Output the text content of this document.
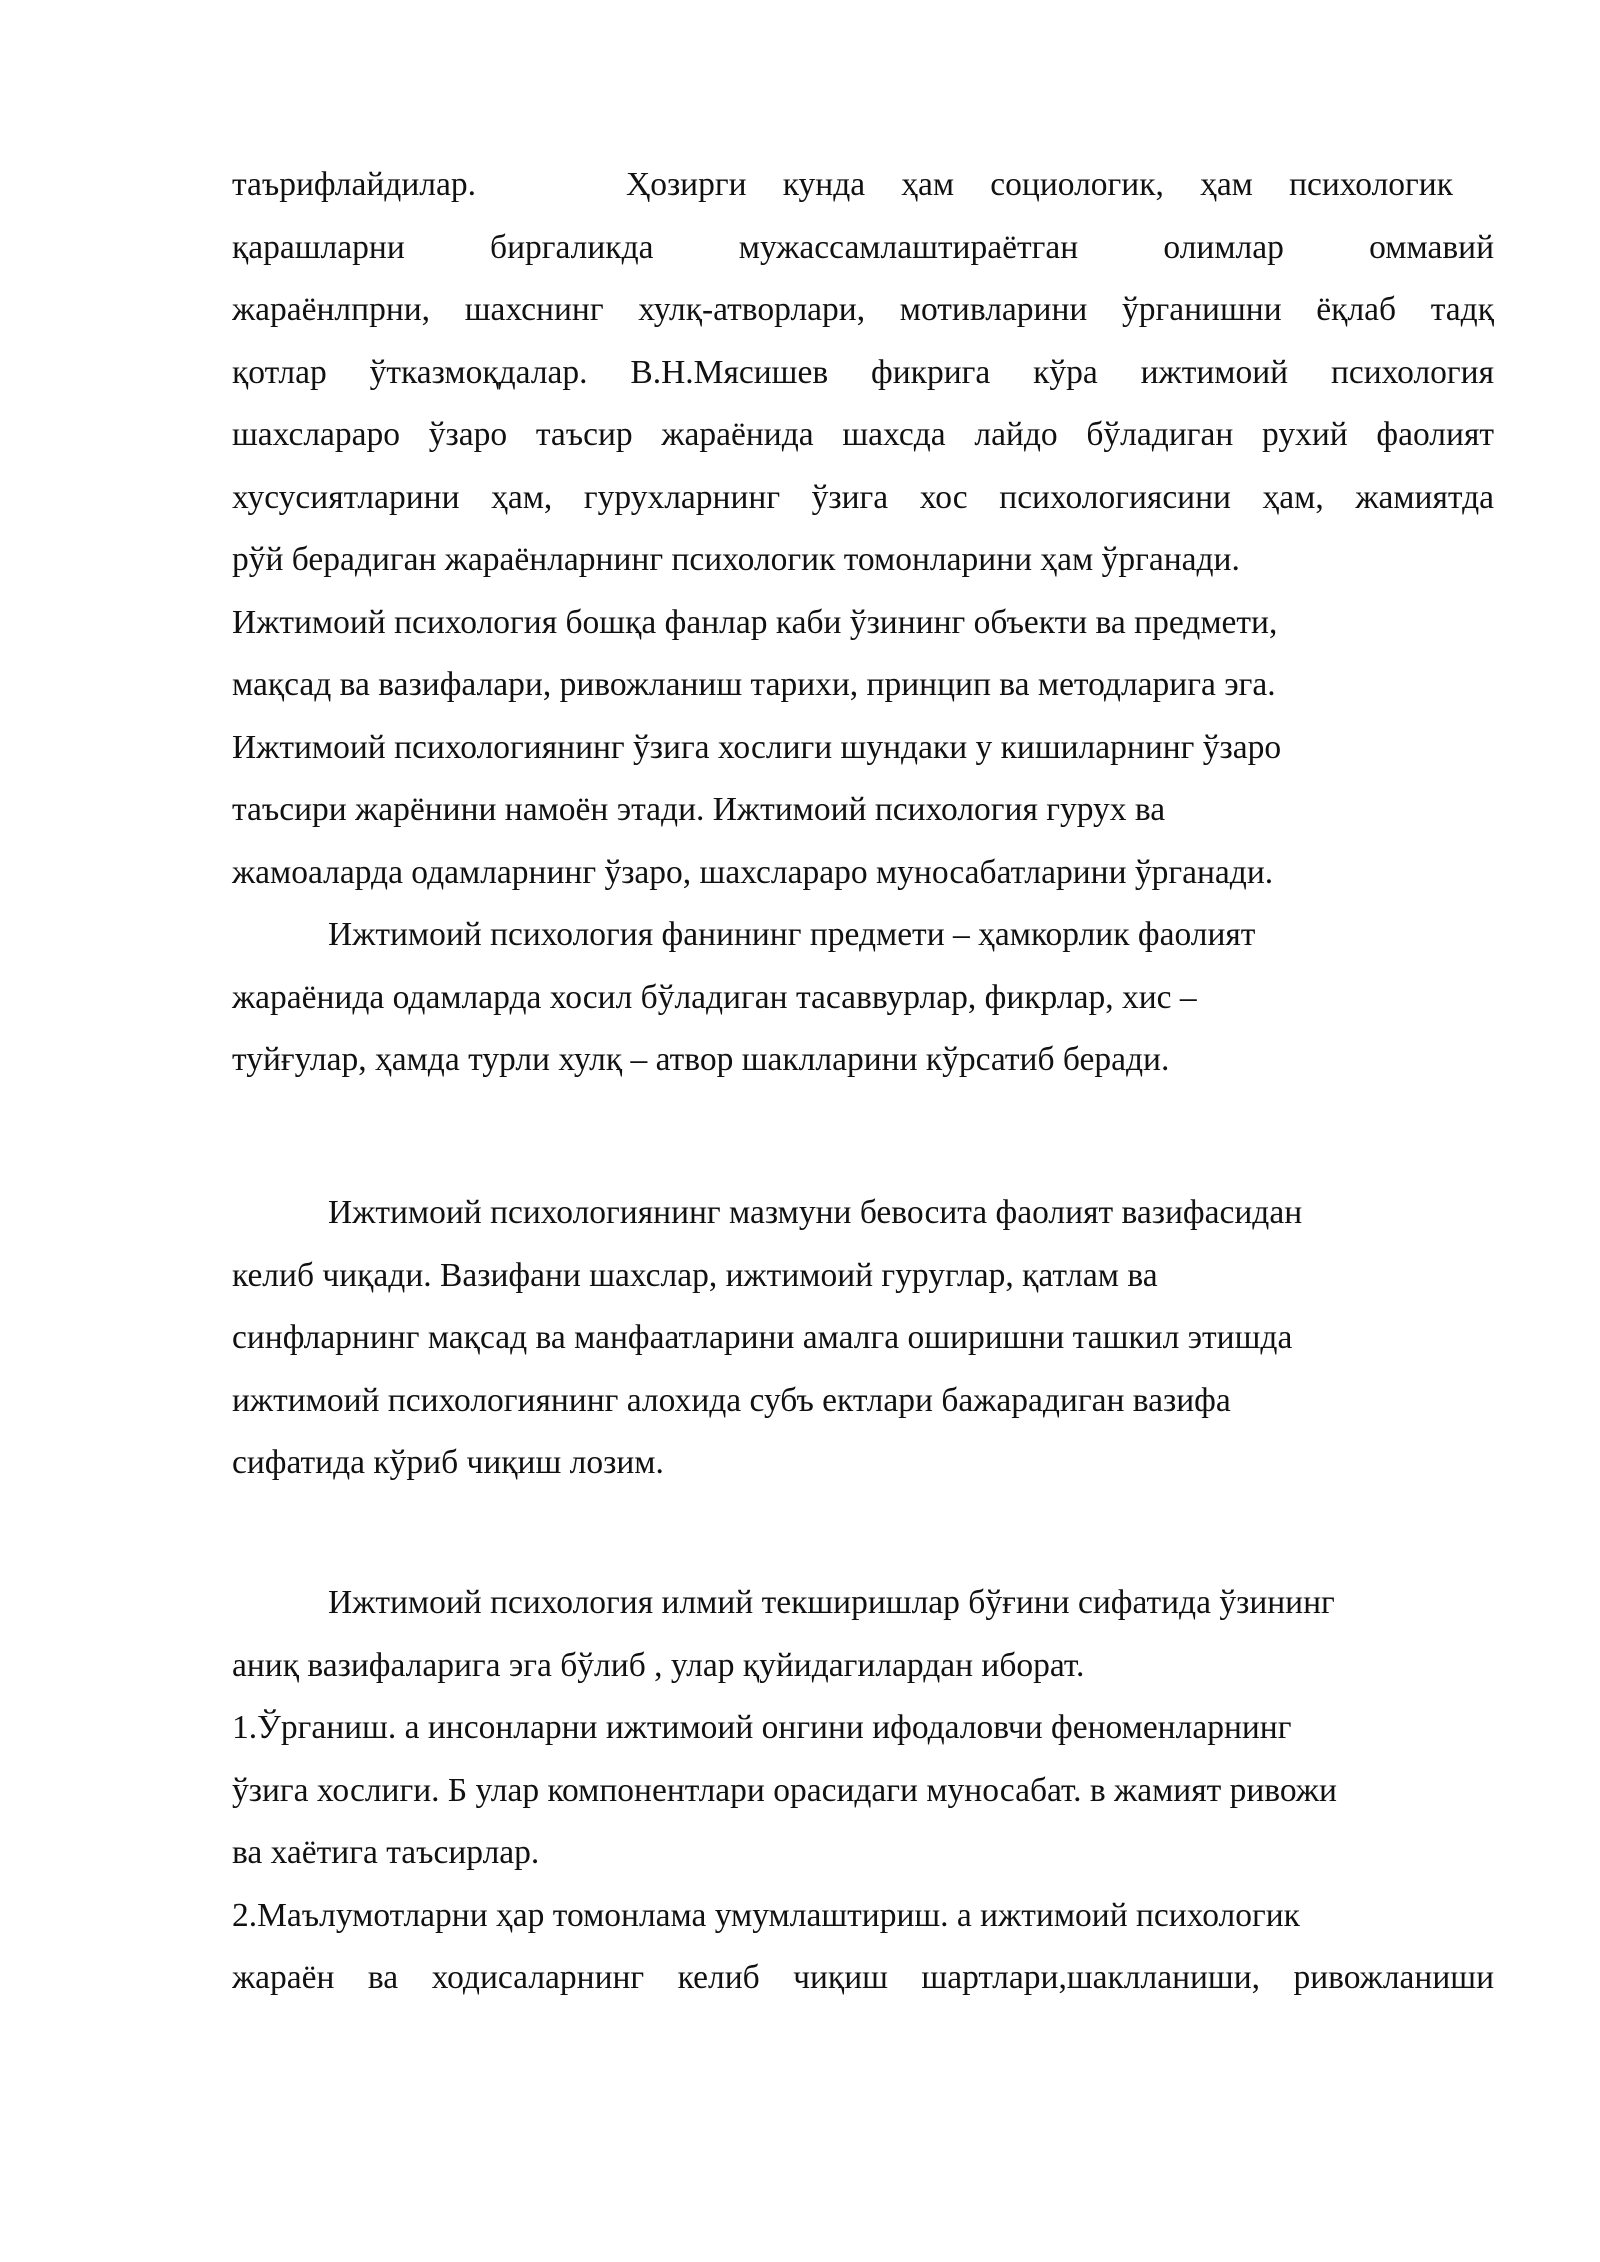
таърифлайдилар.	Ҳозирги кунда ҳам социологик, ҳам психологик
қарашларни биргаликда мужассамлаштираётган олимлар оммавий
жараёнлпрни, шахснинг хулқ-атворлари, мотивларини ўрганишни ёқлаб тадқ
қотлар ўтказмоқдалар. В.Н.Мясишев фикрига кўра ижтимоий психология
шахслараро ўзаро таъсир жараёнида шахсда лайдо бўладиган рухий фаолият
хусусиятларини ҳам, гурухларнинг ўзига хос психологиясини ҳам, жамиятда
рўй берадиган жараёнларнинг психологик томонларини ҳам ўрганади.
Ижтимоий психология бошқа фанлар каби ўзининг объекти ва предмети,
мақсад ва вазифалари, ривожланиш тарихи, принцип ва методларига эга.
Ижтимоий психологиянинг ўзига хослиги шундаки у кишиларнинг ўзаро
таъсири жарёнини намоён этади. Ижтимоий психология гурух ва
жамоаларда одамларнинг ўзаро, шахслараро муносабатларини ўрганади.
Ижтимоий психология фанининг предмети – ҳамкорлик фаолият
жараёнида одамларда хосил бўладиган тасаввурлар, фикрлар, хис –
туйғулар, ҳамда турли хулқ – атвор шаклларини кўрсатиб беради.
Ижтимоий психологиянинг мазмуни бевосита фаолият вазифасидан
келиб чиқади. Вазифани шахслар, ижтимоий гуруглар, қатлам ва
синфларнинг мақсад ва манфаатларини амалга оширишни ташкил этишда
ижтимоий психологиянинг алохида субъ ектлари бажарадиган вазифа
сифатида кўриб чиқиш лозим.
Ижтимоий психология илмий текширишлар бўғини сифатида ўзининг
аниқ вазифаларига эга бўлиб , улар қуйидагилардан иборат.
1.Ўрганиш. а инсонларни ижтимоий онгини ифодаловчи феноменларнинг
ўзига хослиги. Б улар компонентлари орасидаги муносабат. в жамият ривожи
ва хаётига таъсирлар.
2.Маълумотларни ҳар томонлама умумлаштириш. а ижтимоий психологик
жараён ва ходисаларнинг келиб чиқиш шартлари,шаклланиши, ривожланиши
